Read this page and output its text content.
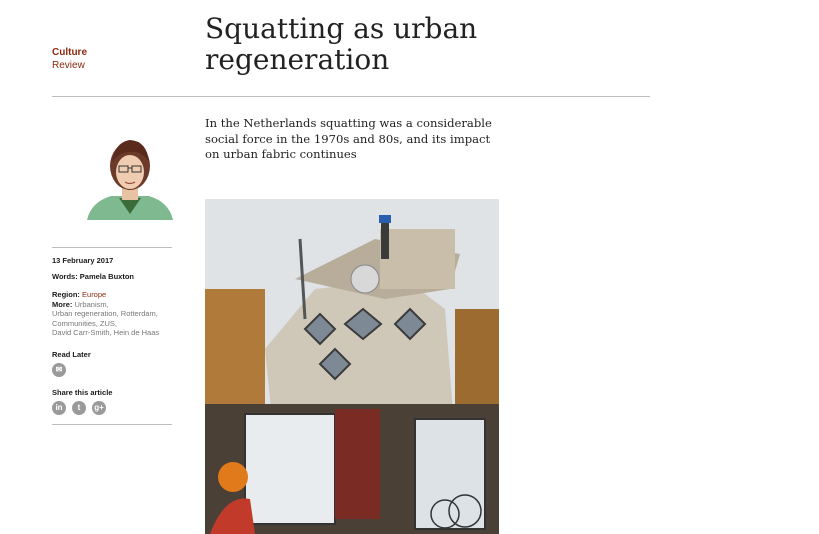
Culture
Review
Squatting as urban regeneration

In the Netherlands squatting was a considerable social force in the 1970s and 80s, and its impact on urban fabric continues

13 February 2017
Words: Pamela Buxton
Region: Europe
More: Urbanism,
Urban regeneration, Rotterdam,
Communities, ZUS,
David Carr-Smith, Hein de Haas
Read Later
✉
Share this article
in t g+
